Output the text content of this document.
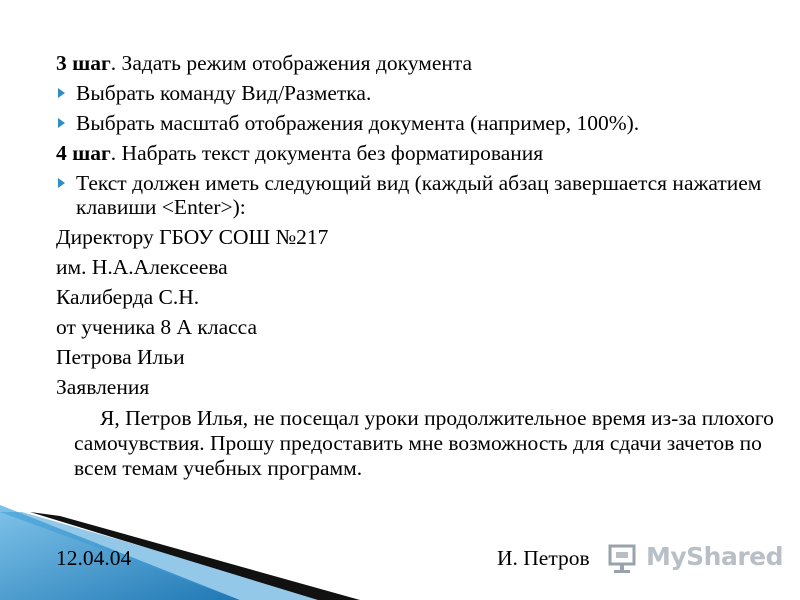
3 шаг. Задать режим отображения документа
Выбрать команду Вид/Разметка.
Выбрать масштаб отображения документа (например, 100%).
4 шаг. Набрать текст документа без форматирования
Текст должен иметь следующий вид (каждый абзац завершается нажатием клавиши <Enter>):
Директору ГБОУ СОШ №217
им. Н.А.Алексеева
Калиберда С.Н.
от ученика 8 А класса
Петрова Ильи
Заявления
Я, Петров Илья, не посещал уроки продолжительное время из-за плохого самочувствия. Прошу предоставить мне возможность для сдачи зачетов по всем темам учебных программ.
12.04.04	И. Петров MyShared
